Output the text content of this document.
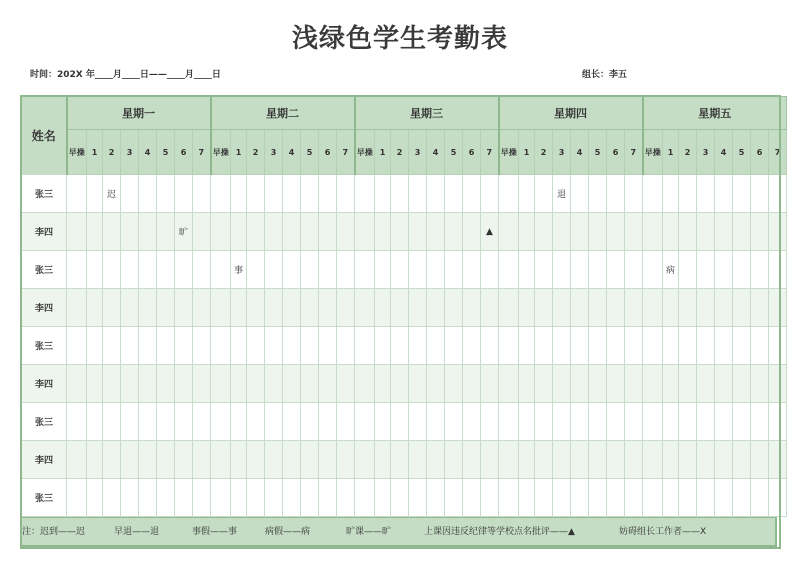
浅绿色学生考勤表
时间：202X 年____月____日——____月____日	组长：李五
姓名	星期一								星期二								星期三								星期四								星期五							
	早操	1	2	3	4	5	6	7	早操	1	2	3	4	5	6	7	早操	1	2	3	4	5	6	7	早操	1	2	3	4	5	6	7	早操	1	2	3	4	5	6	7
张三			迟																									退												
李四							旷																	▲																
张三										事																								病						
李四																																								
张三																																								
李四																																								
张三																																								
李四																																								
张三																																								
注：迟到——迟	早退——退	事假——事	病假——病	旷课——旷	上课因违反纪律等学校点名批评——▲	妨碍组长工作者——X
